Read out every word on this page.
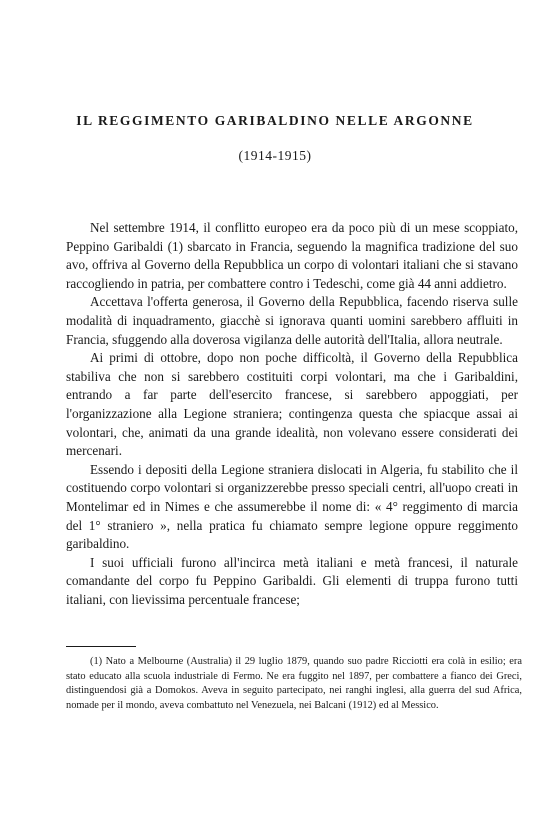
IL REGGIMENTO GARIBALDINO NELLE ARGONNE
(1914-1915)

Nel settembre 1914, il conflitto europeo era da poco più di un mese scoppiato, Peppino Garibaldi (1) sbarcato in Francia, seguendo la magnifica tradizione del suo avo, offriva al Governo della Repubblica un corpo di volontari italiani che si stavano raccogliendo in patria, per combattere contro i Tedeschi, come già 44 anni addietro.

Accettava l'offerta generosa, il Governo della Repubblica, facendo riserva sulle modalità di inquadramento, giacchè si ignorava quanti uomini sarebbero affluiti in Francia, sfuggendo alla doverosa vigilanza delle autorità dell'Italia, allora neutrale.

Ai primi di ottobre, dopo non poche difficoltà, il Governo della Repubblica stabiliva che non si sarebbero costituiti corpi volontari, ma che i Garibaldini, entrando a far parte dell'esercito francese, si sarebbero appoggiati, per l'organizzazione alla Legione straniera; contingenza questa che spiacque assai ai volontari, che, animati da una grande idealità, non volevano essere considerati dei mercenari.

Essendo i depositi della Legione straniera dislocati in Algeria, fu stabilito che il costituendo corpo volontari si organizzerebbe presso speciali centri, all'uopo creati in Montelimar ed in Nimes e che assumerebbe il nome di: « 4° reggimento di marcia del 1° straniero », nella pratica fu chiamato sempre legione oppure reggimento garibaldino.

I suoi ufficiali furono all'incirca metà italiani e metà francesi, il naturale comandante del corpo fu Peppino Garibaldi. Gli elementi di truppa furono tutti italiani, con lievissima percentuale francese;

(1) Nato a Melbourne (Australia) il 29 luglio 1879, quando suo padre Ricciotti era colà in esilio; era stato educato alla scuola industriale di Fermo. Ne era fuggito nel 1897, per combattere a fianco dei Greci, distinguendosi già a Domokos. Aveva in seguito partecipato, nei ranghi inglesi, alla guerra del sud Africa, nomade per il mondo, aveva combattuto nel Venezuela, nei Balcani (1912) ed al Messico.
